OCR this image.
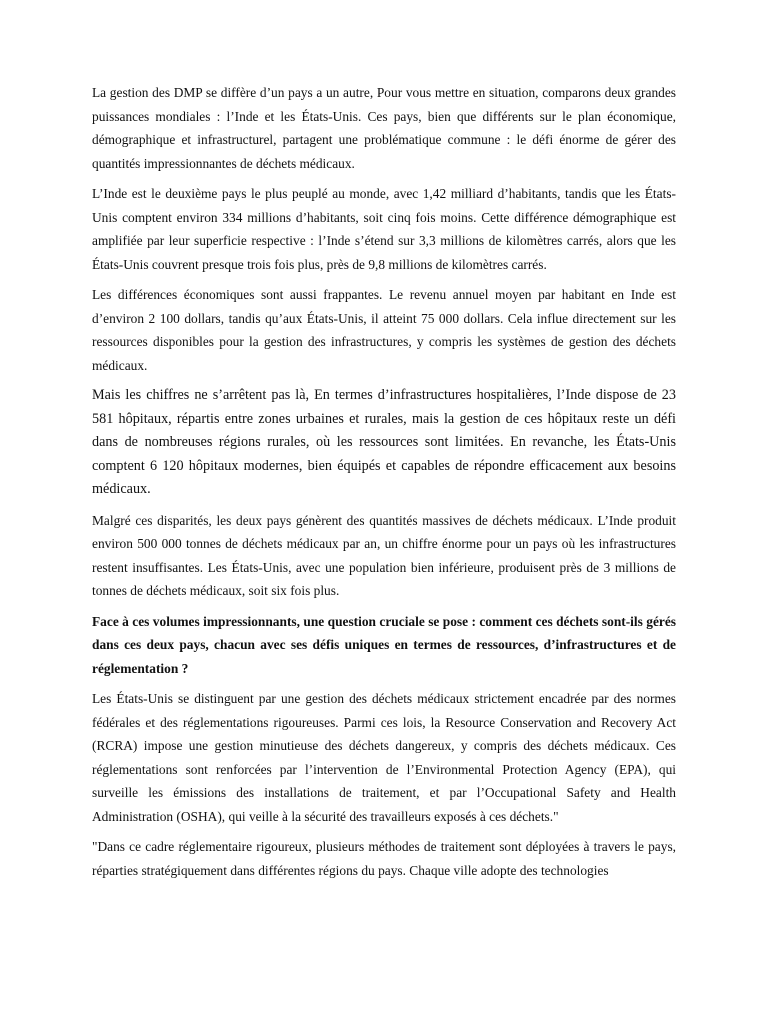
La gestion des DMP se diffère d’un pays a un autre, Pour vous mettre en situation, comparons deux grandes puissances mondiales : l’Inde et les États-Unis. Ces pays, bien que différents sur le plan économique, démographique et infrastructurel, partagent une problématique commune : le défi énorme de gérer des quantités impressionnantes de déchets médicaux.

L’Inde est le deuxième pays le plus peuplé au monde, avec 1,42 milliard d’habitants, tandis que les États-Unis comptent environ 334 millions d’habitants, soit cinq fois moins. Cette différence démographique est amplifiée par leur superficie respective : l’Inde s’étend sur 3,3 millions de kilomètres carrés, alors que les États-Unis couvrent presque trois fois plus, près de 9,8 millions de kilomètres carrés.

Les différences économiques sont aussi frappantes. Le revenu annuel moyen par habitant en Inde est d’environ 2 100 dollars, tandis qu’aux États-Unis, il atteint 75 000 dollars. Cela influe directement sur les ressources disponibles pour la gestion des infrastructures, y compris les systèmes de gestion des déchets médicaux.

Mais les chiffres ne s’arrêtent pas là, En termes d’infrastructures hospitalières, l’Inde dispose de 23 581 hôpitaux, répartis entre zones urbaines et rurales, mais la gestion de ces hôpitaux reste un défi dans de nombreuses régions rurales, où les ressources sont limitées. En revanche, les États-Unis comptent 6 120 hôpitaux modernes, bien équipés et capables de répondre efficacement aux besoins médicaux.

Malgré ces disparités, les deux pays génèrent des quantités massives de déchets médicaux. L’Inde produit environ 500 000 tonnes de déchets médicaux par an, un chiffre énorme pour un pays où les infrastructures restent insuffisantes. Les États-Unis, avec une population bien inférieure, produisent près de 3 millions de tonnes de déchets médicaux, soit six fois plus.

Face à ces volumes impressionnants, une question cruciale se pose : comment ces déchets sont-ils gérés dans ces deux pays, chacun avec ses défis uniques en termes de ressources, d’infrastructures et de réglementation ?

Les États-Unis se distinguent par une gestion des déchets médicaux strictement encadrée par des normes fédérales et des réglementations rigoureuses. Parmi ces lois, la Resource Conservation and Recovery Act (RCRA) impose une gestion minutieuse des déchets dangereux, y compris des déchets médicaux. Ces réglementations sont renforcées par l’intervention de l’Environmental Protection Agency (EPA), qui surveille les émissions des installations de traitement, et par l’Occupational Safety and Health Administration (OSHA), qui veille à la sécurité des travailleurs exposés à ces déchets."

"Dans ce cadre réglementaire rigoureux, plusieurs méthodes de traitement sont déployées à travers le pays, réparties stratégiquement dans différentes régions du pays. Chaque ville adopte des technologies
